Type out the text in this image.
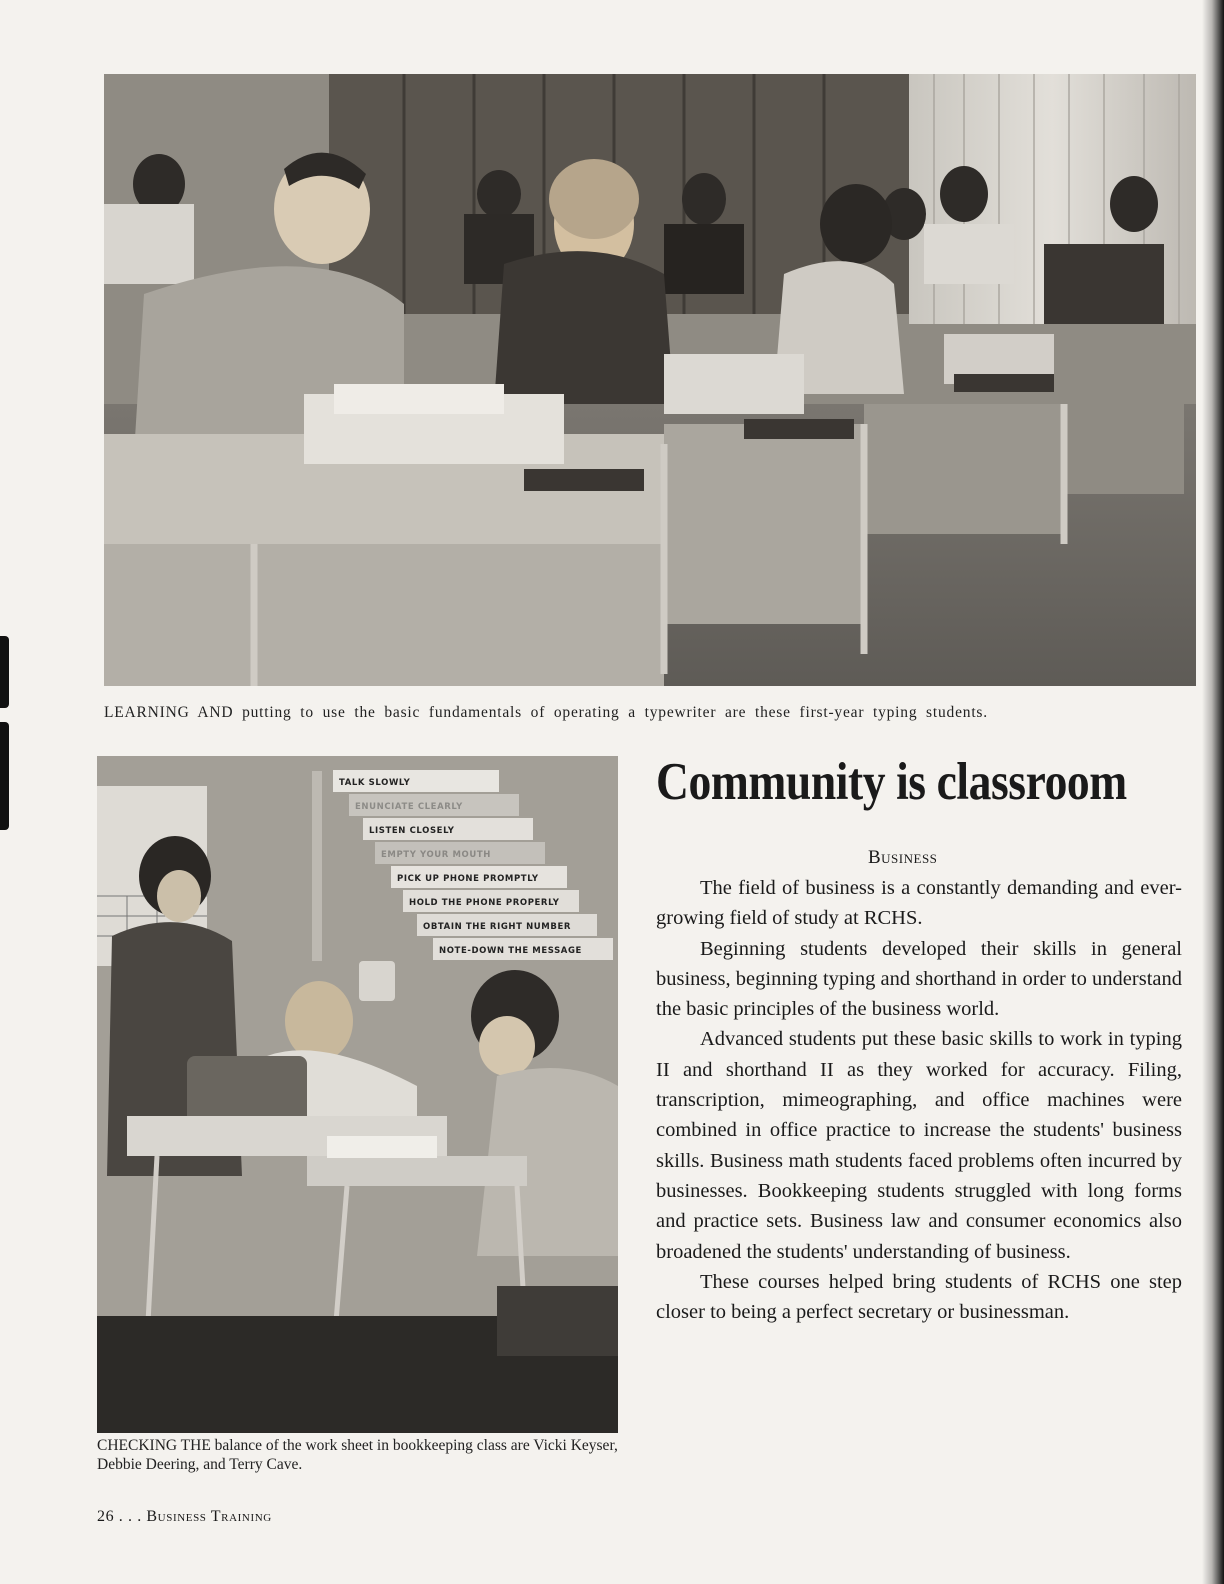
LEARNING AND putting to use the basic fundamentals of operating a typewriter are these first-year typing students.
TALK SLOWLY
ENUNCIATE CLEARLY
LISTEN CLOSELY
EMPTY YOUR MOUTH
PICK UP PHONE PROMPTLY
HOLD THE PHONE PROPERLY
OBTAIN THE RIGHT NUMBER
NOTE-DOWN THE MESSAGE
CHECKING THE balance of the work sheet in bookkeeping class are Vicki Keyser, Debbie Deering, and Terry Cave.
Community is classroom
Business

The field of business is a constantly demanding and ever-growing field of study at RCHS.

Beginning students developed their skills in general business, beginning typing and shorthand in order to understand the basic principles of the business world.

Advanced students put these basic skills to work in typing II and shorthand II as they worked for accuracy. Filing, transcription, mimeographing, and office machines were combined in office practice to increase the students' business skills. Business math students faced problems often incurred by businesses. Bookkeeping students struggled with long forms and practice sets. Business law and consumer economics also broadened the students' understanding of business.

These courses helped bring students of RCHS one step closer to being a perfect secretary or businessman.

26 . . . Business Training
